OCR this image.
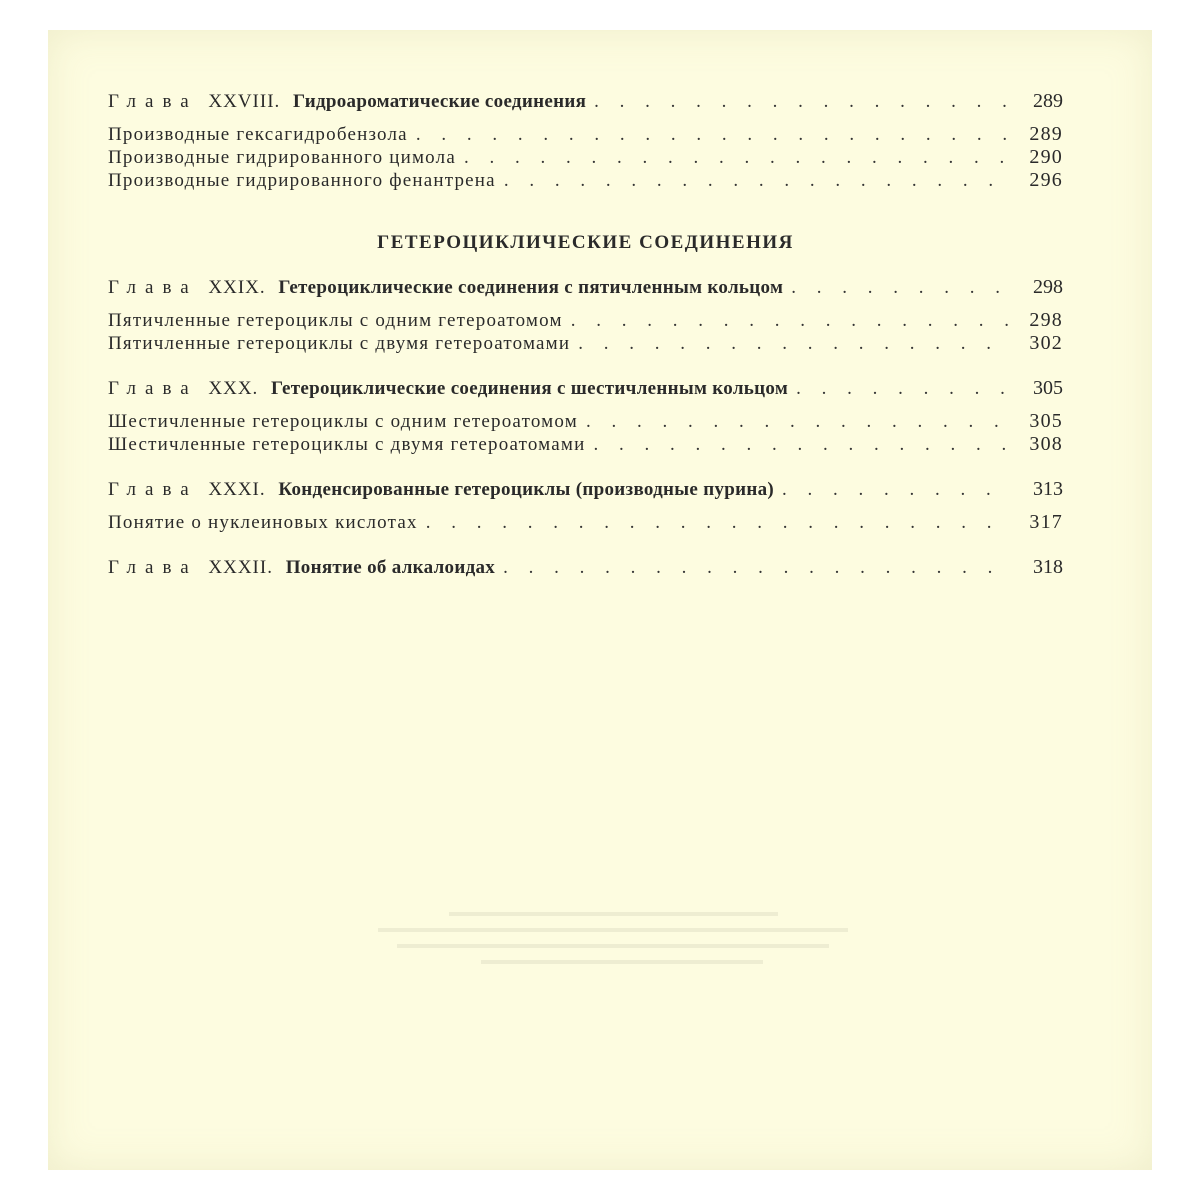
Глава XXVIII. Гидроароматические соединения . . .	289
Производные гексагидробензола . . .	289
Производные гидрированного цимола . . .	290
Производные гидрированного фенантрена . . .	296
ГЕТЕРОЦИКЛИЧЕСКИЕ СОЕДИНЕНИЯ
Глава XXIX. Гетероциклические соединения с пятичленным кольцом . . .	298
Пятичленные гетероциклы с одним гетероатомом . . .	298
Пятичленные гетероциклы с двумя гетероатомами . . .	302
Глава XXX. Гетероциклические соединения с шестичленным кольцом . . .	305
Шестичленные гетероциклы с одним гетероатомом . . .	305
Шестичленные гетероциклы с двумя гетероатомами . . .	308
Глава XXXI. Конденсированные гетероциклы (производные пурина) . . .	313
Понятие о нуклеиновых кислотах . . .	317
Глава XXXII. Понятие об алкалоидах . . .	318
